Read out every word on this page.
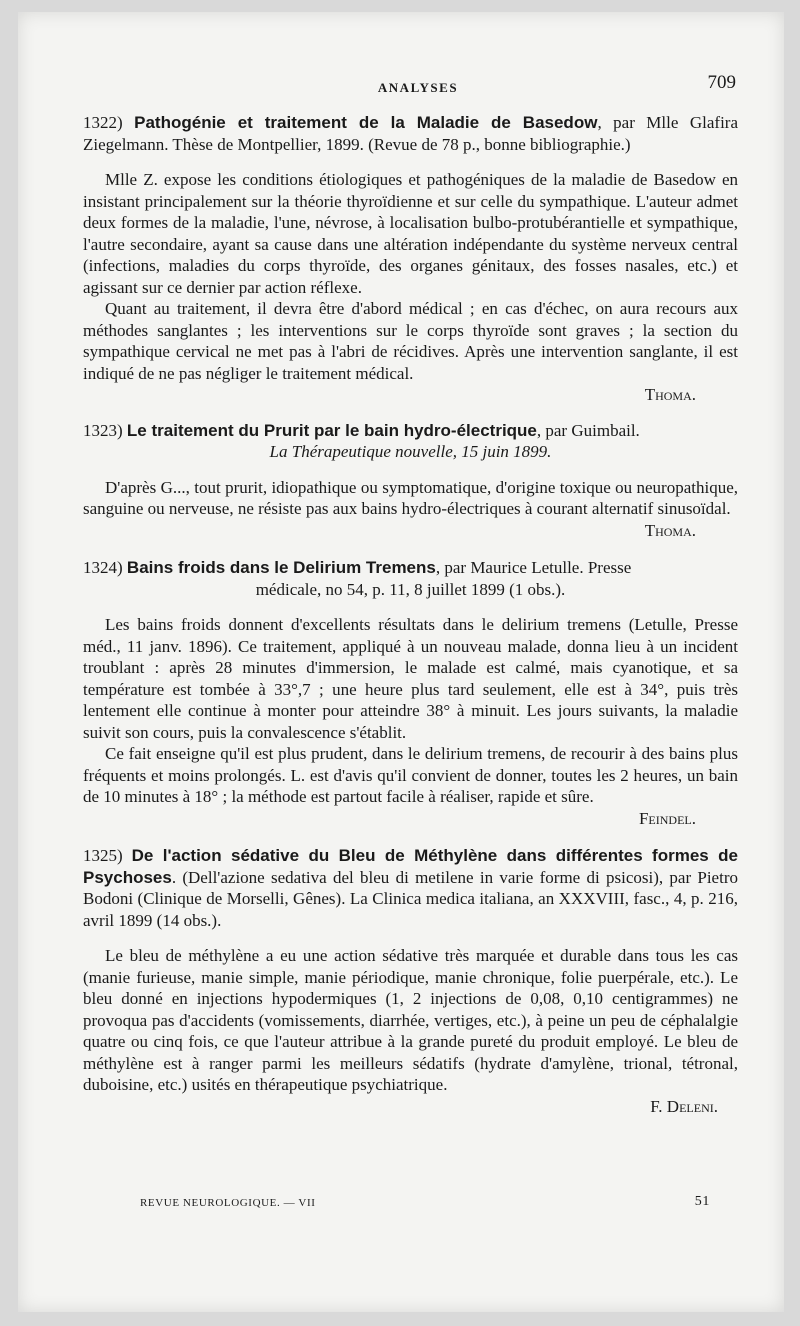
ANALYSES	709

1322) Pathogénie et traitement de la Maladie de Basedow, par Mlle Glafira Ziegelmann. Thèse de Montpellier, 1899. (Revue de 78 p., bonne bibliographie.)

Mlle Z. expose les conditions étiologiques et pathogéniques de la maladie de Basedow en insistant principalement sur la théorie thyroïdienne et sur celle du sympathique. L'auteur admet deux formes de la maladie, l'une, névrose, à localisation bulbo-protubérantielle et sympathique, l'autre secondaire, ayant sa cause dans une altération indépendante du système nerveux central (infections, maladies du corps thyroïde, des organes génitaux, des fosses nasales, etc.) et agissant sur ce dernier par action réflexe.

Quant au traitement, il devra être d'abord médical ; en cas d'échec, on aura recours aux méthodes sanglantes ; les interventions sur le corps thyroïde sont graves ; la section du sympathique cervical ne met pas à l'abri de récidives. Après une intervention sanglante, il est indiqué de ne pas négliger le traitement médical.
Thoma.

1323) Le traitement du Prurit par le bain hydro-électrique, par Guimbail.
La Thérapeutique nouvelle, 15 juin 1899.

D'après G..., tout prurit, idiopathique ou symptomatique, d'origine toxique ou neuropathique, sanguine ou nerveuse, ne résiste pas aux bains hydro-électriques à courant alternatif sinusoïdal.
Thoma.

1324) Bains froids dans le Delirium Tremens, par Maurice Letulle. Presse
médicale, no 54, p. 11, 8 juillet 1899 (1 obs.).

Les bains froids donnent d'excellents résultats dans le delirium tremens (Letulle, Presse méd., 11 janv. 1896). Ce traitement, appliqué à un nouveau malade, donna lieu à un incident troublant : après 28 minutes d'immersion, le malade est calmé, mais cyanotique, et sa température est tombée à 33°,7 ; une heure plus tard seulement, elle est à 34°, puis très lentement elle continue à monter pour atteindre 38° à minuit. Les jours suivants, la maladie suivit son cours, puis la convalescence s'établit.

Ce fait enseigne qu'il est plus prudent, dans le delirium tremens, de recourir à des bains plus fréquents et moins prolongés. L. est d'avis qu'il convient de donner, toutes les 2 heures, un bain de 10 minutes à 18° ; la méthode est partout facile à réaliser, rapide et sûre.
Feindel.

1325) De l'action sédative du Bleu de Méthylène dans différentes formes de Psychoses. (Dell'azione sedativa del bleu di metilene in varie forme di psicosi), par Pietro Bodoni (Clinique de Morselli, Gênes). La Clinica medica italiana, an XXXVIII, fasc., 4, p. 216, avril 1899 (14 obs.).

Le bleu de méthylène a eu une action sédative très marquée et durable dans tous les cas (manie furieuse, manie simple, manie périodique, manie chronique, folie puerpérale, etc.). Le bleu donné en injections hypodermiques (1, 2 injections de 0,08, 0,10 centigrammes) ne provoqua pas d'accidents (vomissements, diarrhée, vertiges, etc.), à peine un peu de céphalalgie quatre ou cinq fois, ce que l'auteur attribue à la grande pureté du produit employé. Le bleu de méthylène est à ranger parmi les meilleurs sédatifs (hydrate d'amylène, trional, tétronal, duboisine, etc.) usités en thérapeutique psychiatrique.
F. Deleni.

REVUE NEUROLOGIQUE. — VII	51
